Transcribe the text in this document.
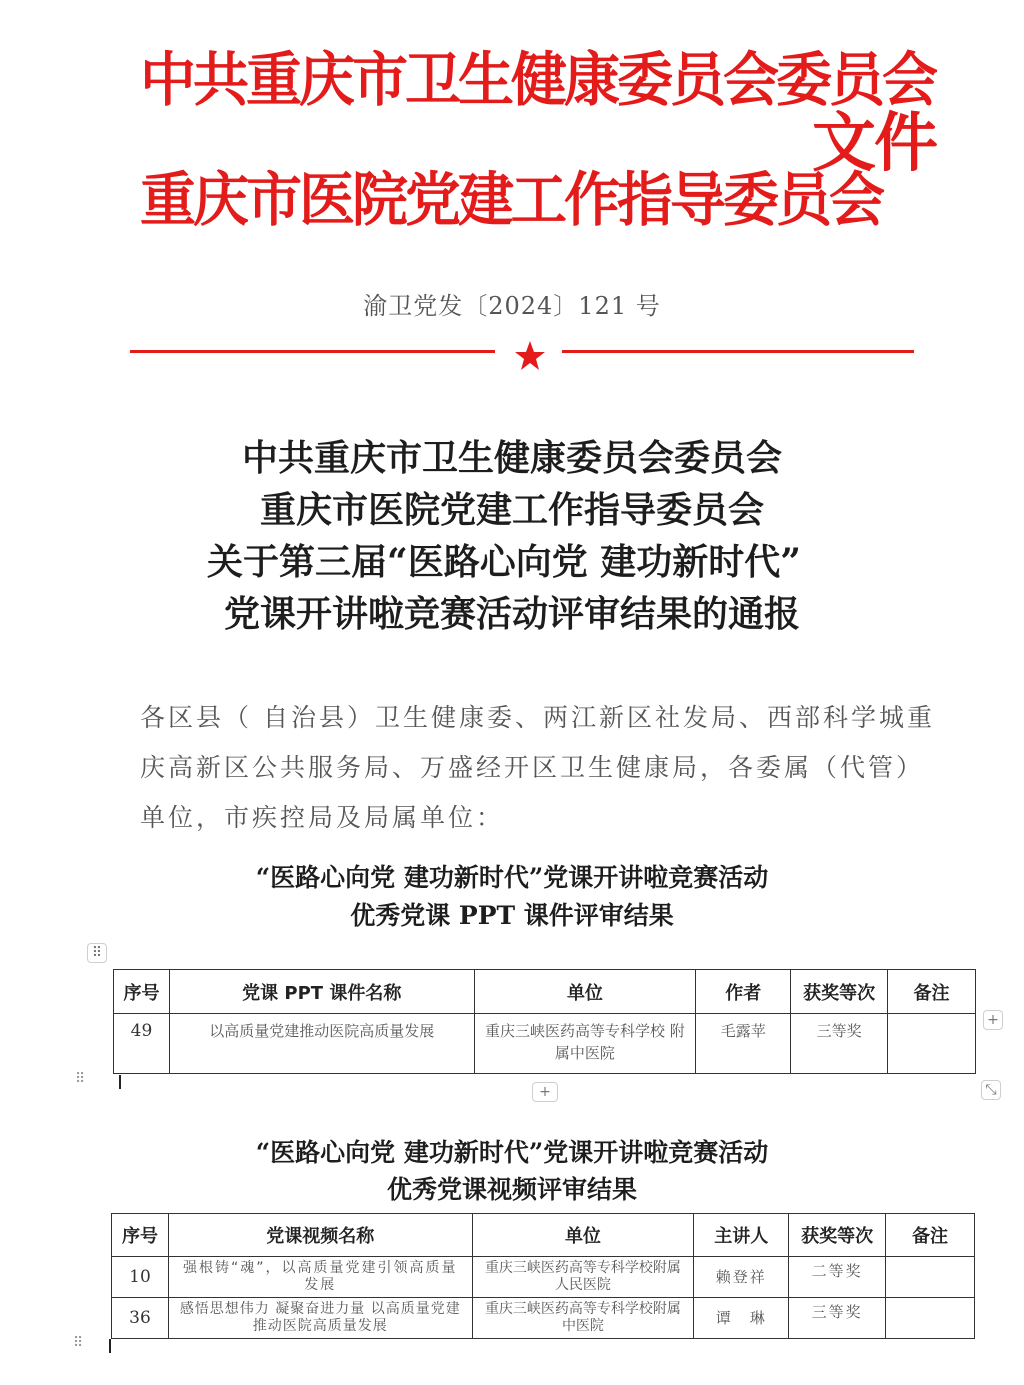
中共重庆市卫生健康委员会委员会
重庆市医院党建工作指导委员会
文件
渝卫党发〔2024〕121 号
中共重庆市卫生健康委员会委员会
重庆市医院党建工作指导委员会
关于第三届“医路心向党 建功新时代”
党课开讲啦竞赛活动评审结果的通报
各区县（ 自治县）卫生健康委、两江新区社发局、西部科学城重
庆高新区公共服务局、万盛经开区卫生健康局，各委属（代管）
单位，市疾控局及局属单位：
“医路心向党 建功新时代”党课开讲啦竞赛活动
优秀党课 PPT 课件评审结果
⠿
序号	党课 PPT 课件名称	单位	作者	获奖等次	备注
49	以高质量党建推动医院高质量发展	重庆三峡医药高等专科学校 附属中医院	毛露苹	三等奖	
+
+	⤡
⠿
“医路心向党 建功新时代”党课开讲啦竞赛活动
优秀党课视频评审结果
序号	党课视频名称	单位	主讲人	获奖等次	备注
10	强根铸“魂”，以高质量党建引领高质量发展	重庆三峡医药高等专科学校附属人民医院	赖登祥	二等奖	
36	感悟思想伟力 凝聚奋进力量 以高质量党建推动医院高质量发展	重庆三峡医药高等专科学校附属中医院	谭　琳	三等奖	
⠿
